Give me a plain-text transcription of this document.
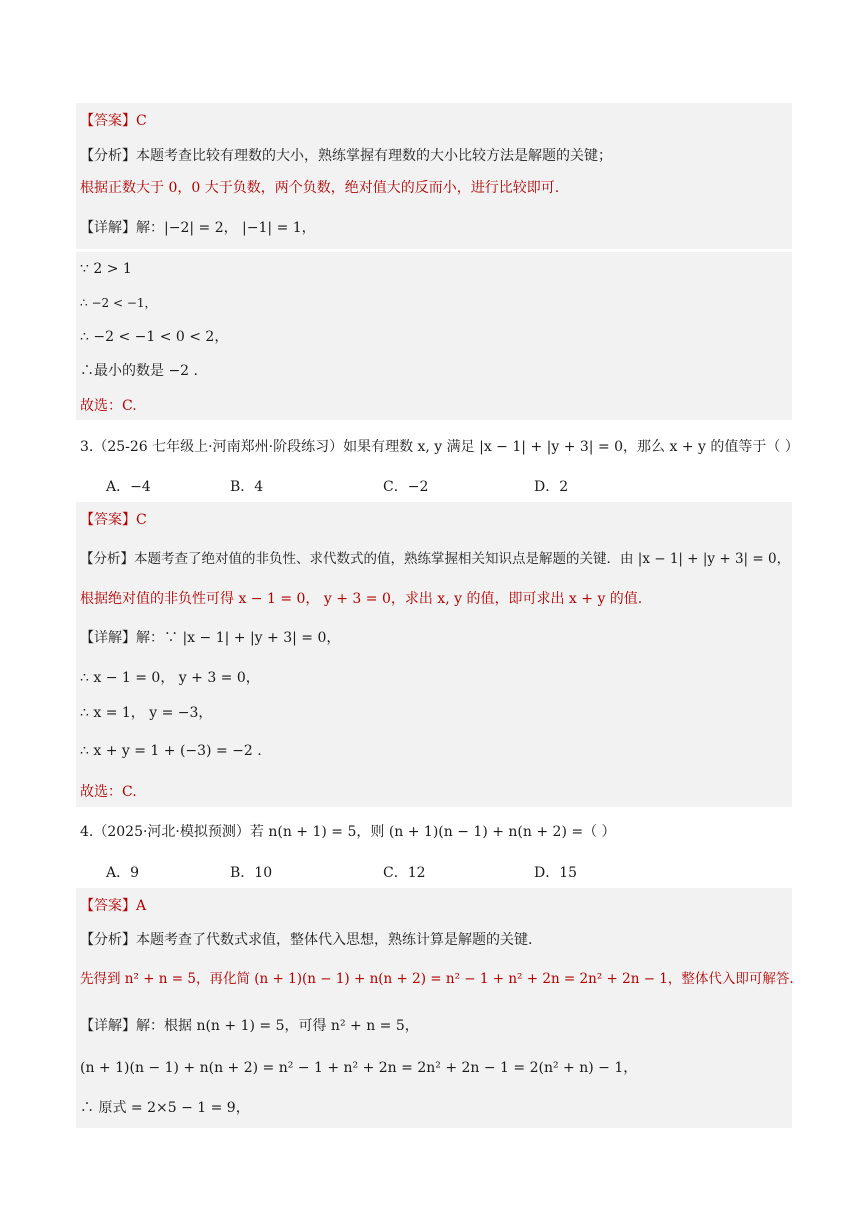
【答案】C
【分析】本题考查比较有理数的大小，熟练掌握有理数的大小比较方法是解题的关键；
根据正数大于 0，0 大于负数，两个负数，绝对值大的反而小，进行比较即可.
【详解】解：|−2| = 2， |−1| = 1，
∵ 2 > 1
∴ −2 < −1，
∴ −2 < −1 < 0 < 2，
∴最小的数是 −2 .
故选：C.
3.（25-26 七年级上·河南郑州·阶段练习）如果有理数 x, y 满足 |x − 1| + |y + 3| = 0，那么 x + y 的值等于（ ）
A．−4	B．4	C．−2	D．2
【答案】C
【分析】本题考查了绝对值的非负性、求代数式的值，熟练掌握相关知识点是解题的关键．由 |x − 1| + |y + 3| = 0，
根据绝对值的非负性可得 x − 1 = 0， y + 3 = 0，求出 x, y 的值，即可求出 x + y 的值.
【详解】解：∵ |x − 1| + |y + 3| = 0，
∴ x − 1 = 0， y + 3 = 0，
∴ x = 1， y = −3，
∴ x + y = 1 + (−3) = −2 .
故选：C.
4.（2025·河北·模拟预测）若 n(n + 1) = 5，则 (n + 1)(n − 1) + n(n + 2) =（ ）
A．9	B．10	C．12	D．15
【答案】A
【分析】本题考查了代数式求值，整体代入思想，熟练计算是解题的关键.
先得到 n² + n = 5，再化简 (n + 1)(n − 1) + n(n + 2) = n² − 1 + n² + 2n = 2n² + 2n − 1，整体代入即可解答.
【详解】解：根据 n(n + 1) = 5，可得 n² + n = 5，
(n + 1)(n − 1) + n(n + 2) = n² − 1 + n² + 2n = 2n² + 2n − 1 = 2(n² + n) − 1，
∴ 原式 = 2×5 − 1 = 9，
